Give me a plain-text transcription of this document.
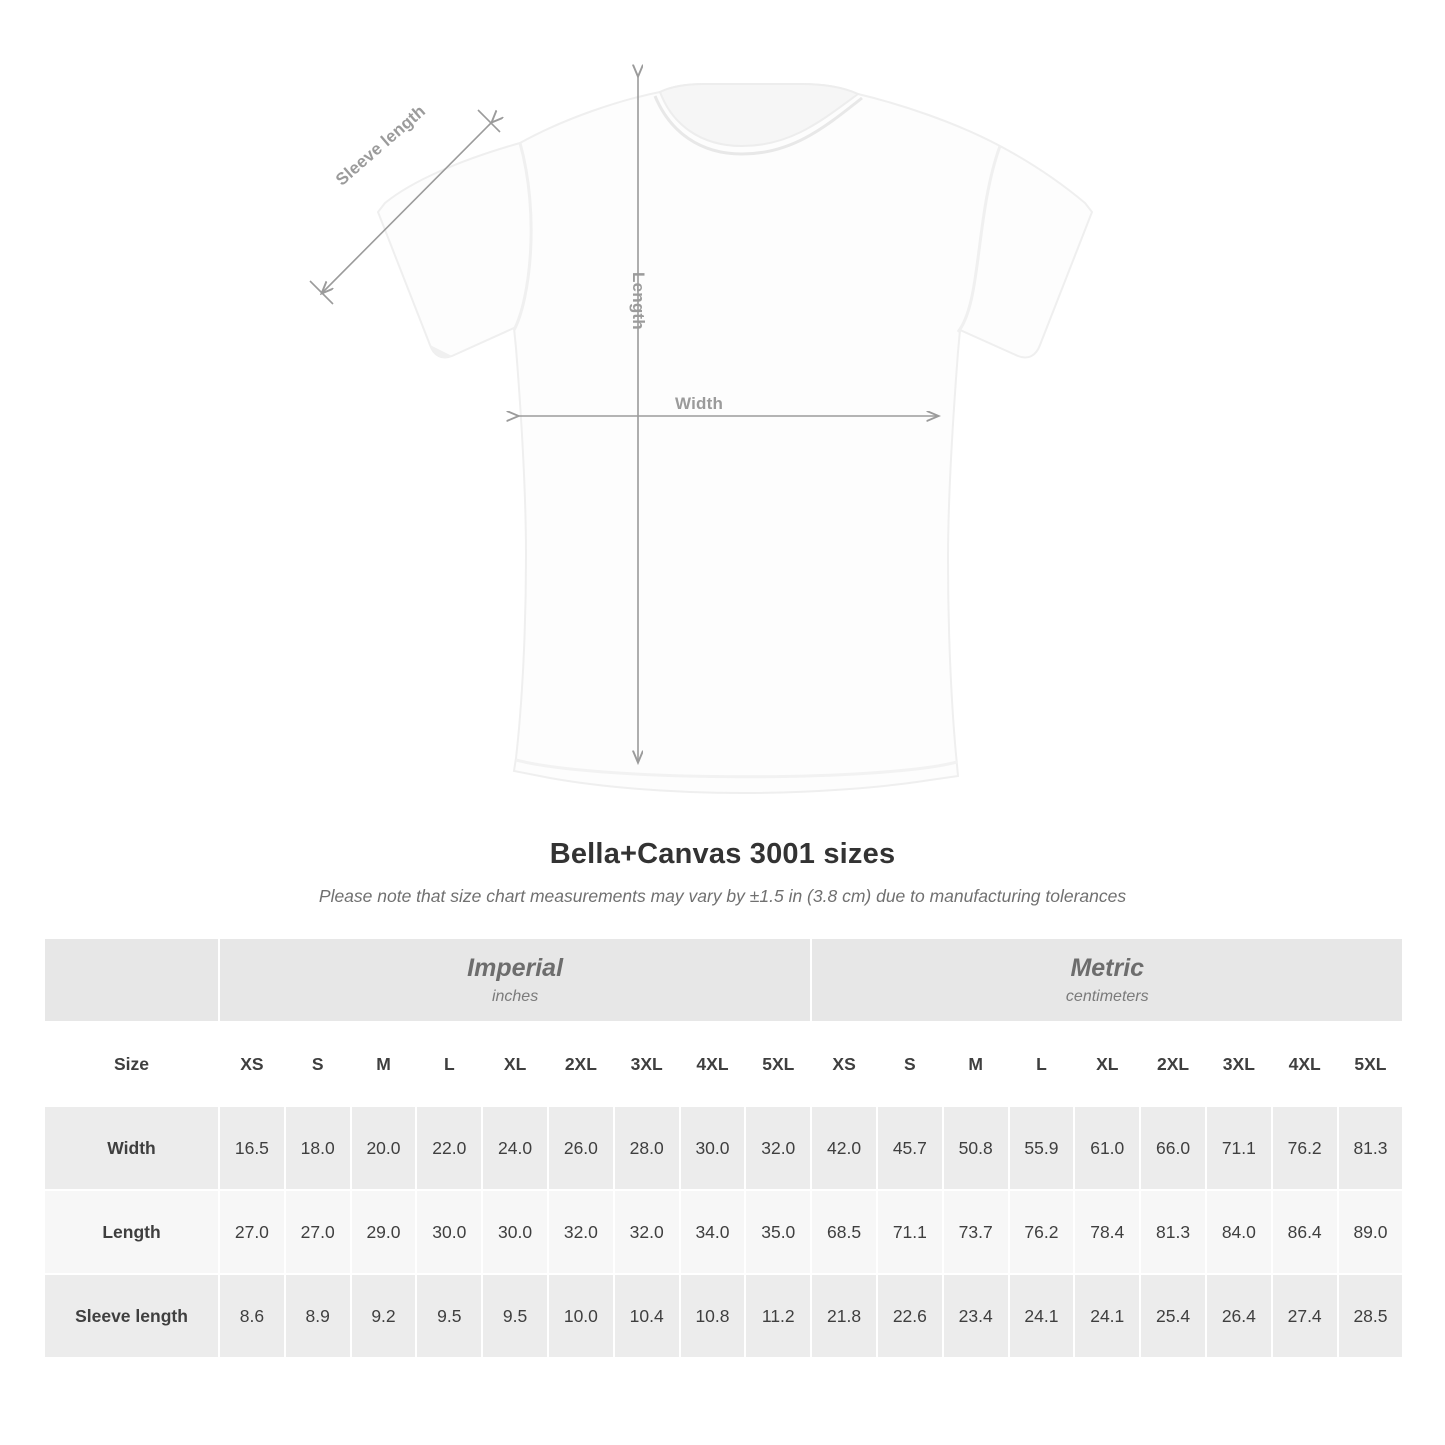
Sleeve length
Length
Width
Bella+Canvas 3001 sizes
Please note that size chart measurements may vary by ±1.5 in (3.8 cm) due to manufacturing tolerances

Imperial
inches

Metric
centimeters

Size	XS	S	M	L	XL	2XL	3XL	4XL	5XL	XS	S	M	L	XL	2XL	3XL	4XL	5XL
Width	16.5	18.0	20.0	22.0	24.0	26.0	28.0	30.0	32.0	42.0	45.7	50.8	55.9	61.0	66.0	71.1	76.2	81.3
Length	27.0	27.0	29.0	30.0	30.0	32.0	32.0	34.0	35.0	68.5	71.1	73.7	76.2	78.4	81.3	84.0	86.4	89.0
Sleeve length	8.6	8.9	9.2	9.5	9.5	10.0	10.4	10.8	11.2	21.8	22.6	23.4	24.1	24.1	25.4	26.4	27.4	28.5
